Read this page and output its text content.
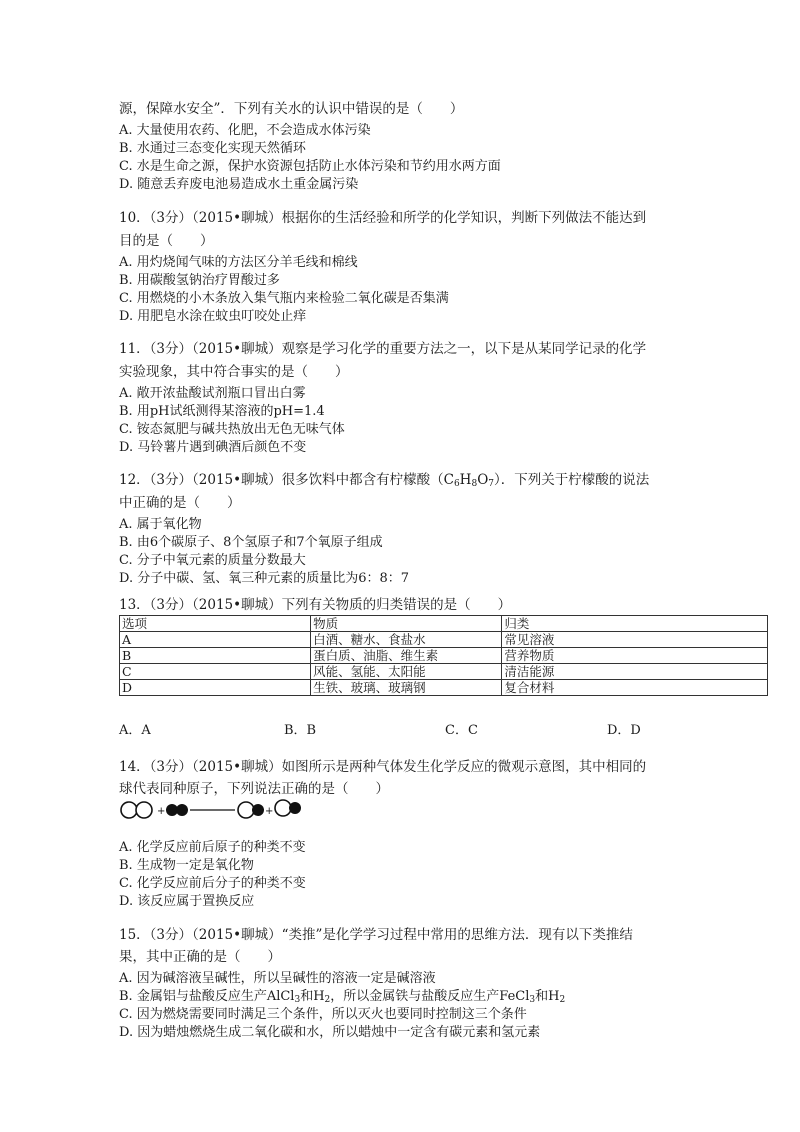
源，保障水安全”．下列有关水的认识中错误的是（　　）
A. 大量使用农药、化肥，不会造成水体污染
B. 水通过三态变化实现天然循环
C. 水是生命之源，保护水资源包括防止水体污染和节约用水两方面
D. 随意丢弃废电池易造成水土重金属污染
10．（3分）（2015•聊城）根据你的生活经验和所学的化学知识，判断下列做法不能达到
目的是（　　）
A. 用灼烧闻气味的方法区分羊毛线和棉线
B. 用碳酸氢钠治疗胃酸过多
C. 用燃烧的小木条放入集气瓶内来检验二氧化碳是否集满
D. 用肥皂水涂在蚊虫叮咬处止痒
11．（3分）（2015•聊城）观察是学习化学的重要方法之一，以下是从某同学记录的化学
实验现象，其中符合事实的是（　　）
A. 敞开浓盐酸试剂瓶口冒出白雾
B. 用pH试纸测得某溶液的pH=1.4
C. 铵态氮肥与碱共热放出无色无味气体
D. 马铃薯片遇到碘酒后颜色不变
12．（3分）（2015•聊城）很多饮料中都含有柠檬酸$(C_6H_8O_7)$．下列关于柠檬酸的说法
中正确的是（　　）
A. 属于氧化物
B. 由6个碳原子、8个氢原子和7个氧原子组成
C. 分子中氧元素的质量分数最大
D. 分子中碳、氢、氧三种元素的质量比为6：8：7
13．（3分）（2015•聊城）下列有关物质的归类错误的是（　　）
选项	物质	归类
A	白酒、糖水、食盐水	常见溶液
B	蛋白质、油脂、维生素	营养物质
C	风能、氢能、太阳能	清洁能源
D	生铁、玻璃、玻璃钢	复合材料
A．A	B．B	C．C	D．D
14．（3分）（2015•聊城）如图所示是两种气体发生化学反应的微观示意图，其中相同的
球代表同种原子，下列说法正确的是（　　）
+	+
A. 化学反应前后原子的种类不变
B. 生成物一定是氧化物
C. 化学反应前后分子的种类不变
D. 该反应属于置换反应
15．（3分）（2015•聊城）“类推”是化学学习过程中常用的思维方法．现有以下类推结
果，其中正确的是（　　）
A. 因为碱溶液呈碱性，所以呈碱性的溶液一定是碱溶液
B. 金属铝与盐酸反应生产AlCl$_3$和$H_2$，所以金属铁与盐酸反应生产FeCl$_3$和$H_2$
C. 因为燃烧需要同时满足三个条件，所以灭火也要同时控制这三个条件
D. 因为蜡烛燃烧生成二氧化碳和水，所以蜡烛中一定含有碳元素和氢元素
